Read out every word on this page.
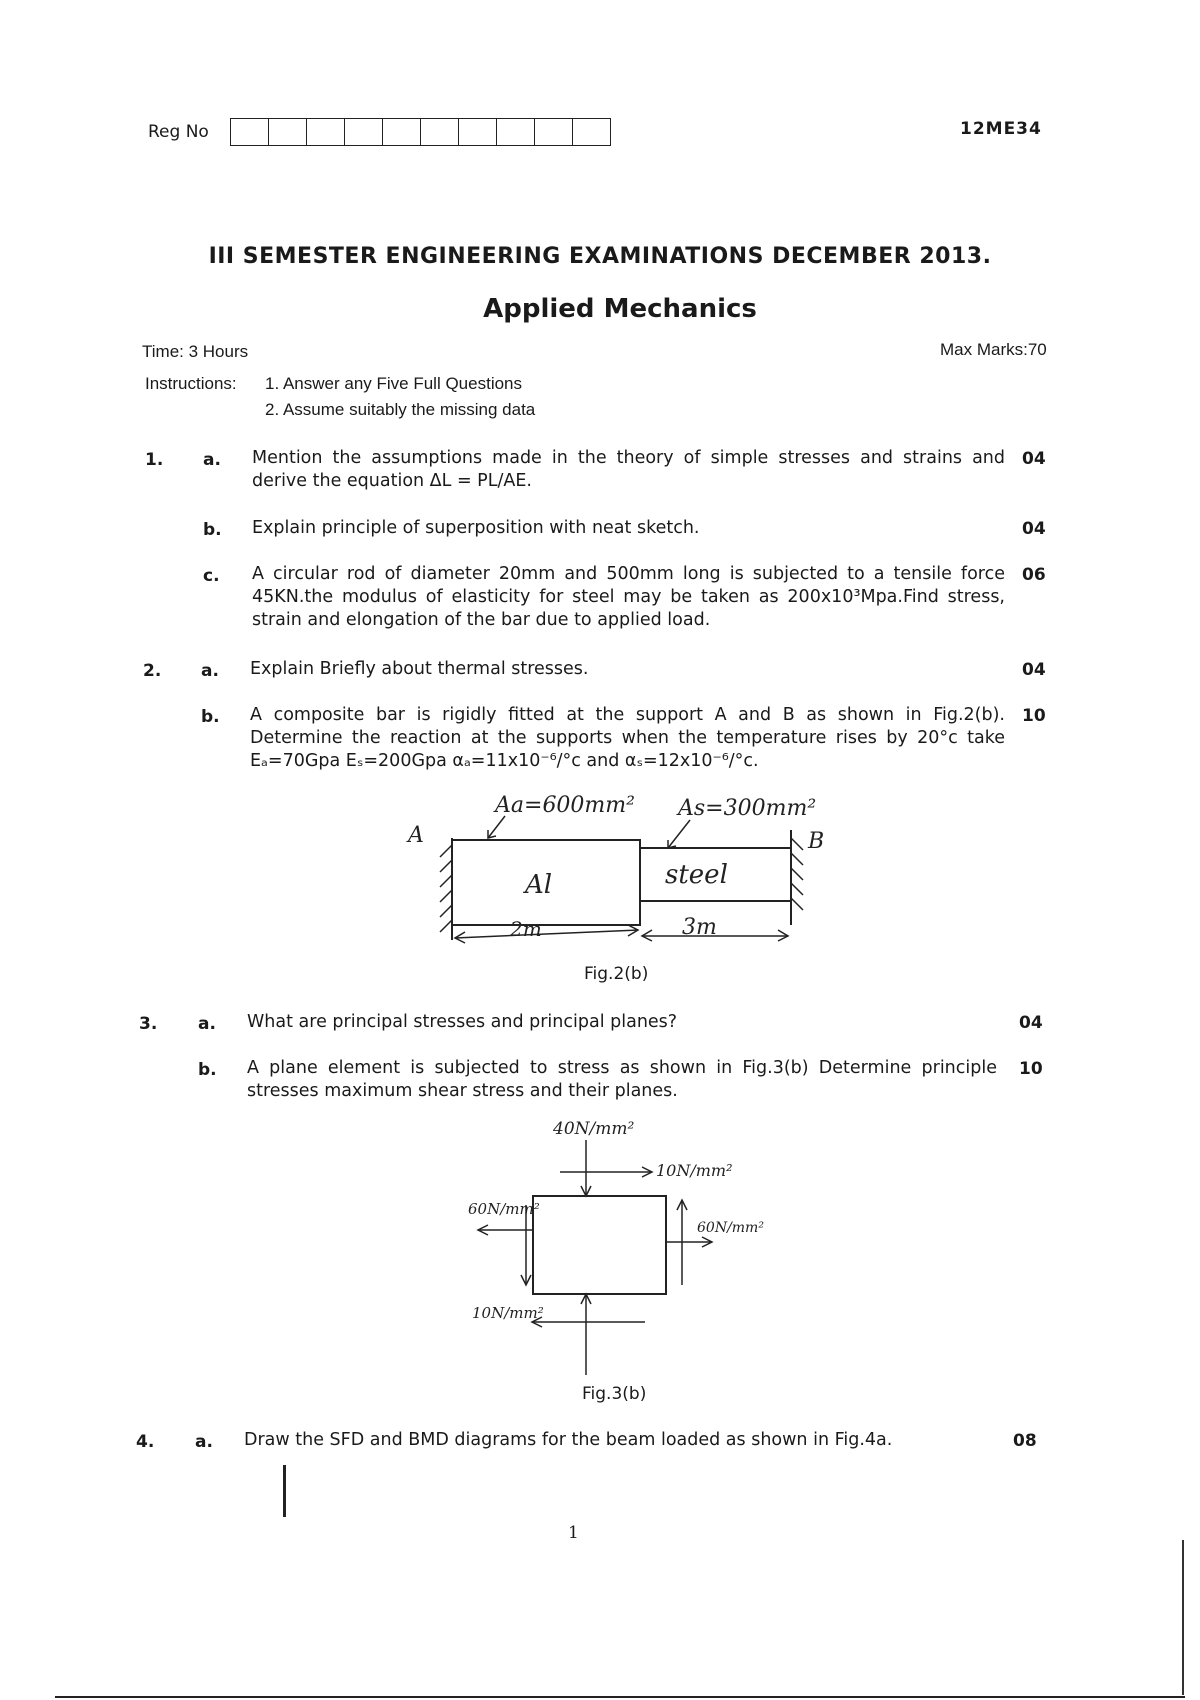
Reg No	12ME34
III SEMESTER ENGINEERING EXAMINATIONS DECEMBER 2013.
Applied Mechanics
Time: 3 Hours	Max Marks:70
Instructions: 1. Answer any Five Full Questions
2. Assume suitably the missing data
1. a. Mention the assumptions made in the theory of simple stresses and strains and derive the equation ΔL = PL/AE.
04
b. Explain principle of superposition with neat sketch.	04
c. A circular rod of diameter 20mm and 500mm long is subjected to a tensile force 45KN.the modulus of elasticity for steel may be taken as 200x10³Mpa.Find stress, strain and elongation of the bar due to applied load.
06
2. a. Explain Briefly about thermal stresses.	04
b. A composite bar is rigidly fitted at the support A and B as shown in Fig.2(b). Determine the reaction at the supports when the temperature rises by 20°c take Eₐ=70Gpa Eₛ=200Gpa αₐ=11x10⁻⁶/°c and αₛ=12x10⁻⁶/°c.
10
A	B
Aa=600mm² As=300mm²
Al	steel
2m	3m
Fig.2(b)
3. a. What are principal stresses and principal planes?	04
b. A plane element is subjected to stress as shown in Fig.3(b) Determine principle stresses maximum shear stress and their planes.
10
40N/mm²
10N/mm²
60N/mm²
60N/mm²
10N/mm²
Fig.3(b)
4. a. Draw the SFD and BMD diagrams for the beam loaded as shown in Fig.4a.	08
1
